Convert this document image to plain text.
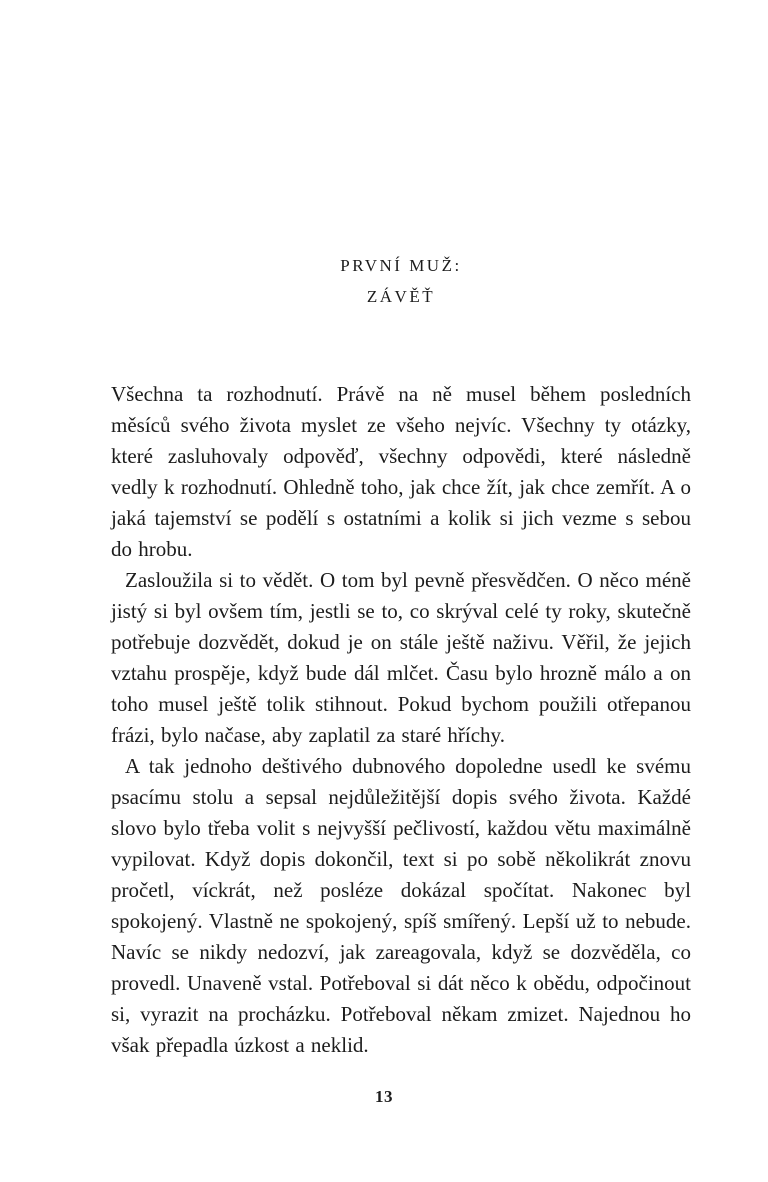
PRVNÍ MUŽ:
ZÁVĚŤ

Všechna ta rozhodnutí. Právě na ně musel během posledních měsíců svého života myslet ze všeho nejvíc. Všechny ty otázky, které zasluhovaly odpověď, všechny odpovědi, které následně vedly k rozhodnutí. Ohledně toho, jak chce žít, jak chce zemřít. A o jaká tajemství se podělí s ostatními a kolik si jich vezme s sebou do hrobu.

Zasloužila si to vědět. O tom byl pevně přesvědčen. O něco méně jistý si byl ovšem tím, jestli se to, co skrýval celé ty roky, skutečně potřebuje dozvědět, dokud je on stále ještě naživu. Věřil, že jejich vztahu prospěje, když bude dál mlčet. Času bylo hrozně málo a on toho musel ještě tolik stihnout. Pokud bychom použili otřepanou frázi, bylo načase, aby zaplatil za staré hříchy.

A tak jednoho deštivého dubnového dopoledne usedl ke svému psacímu stolu a sepsal nejdůležitější dopis svého života. Každé slovo bylo třeba volit s nejvyšší pečlivostí, každou větu maximálně vypilovat. Když dopis dokončil, text si po sobě několikrát znovu pročetl, víckrát, než posléze dokázal spočítat. Nakonec byl spokojený. Vlastně ne spokojený, spíš smířený. Lepší už to nebude. Navíc se nikdy nedozví, jak zareagovala, když se dozvěděla, co provedl. Unaveně vstal. Potřeboval si dát něco k obědu, odpočinout si, vyrazit na procházku. Potřeboval někam zmizet. Najednou ho však přepadla úzkost a neklid.

13
